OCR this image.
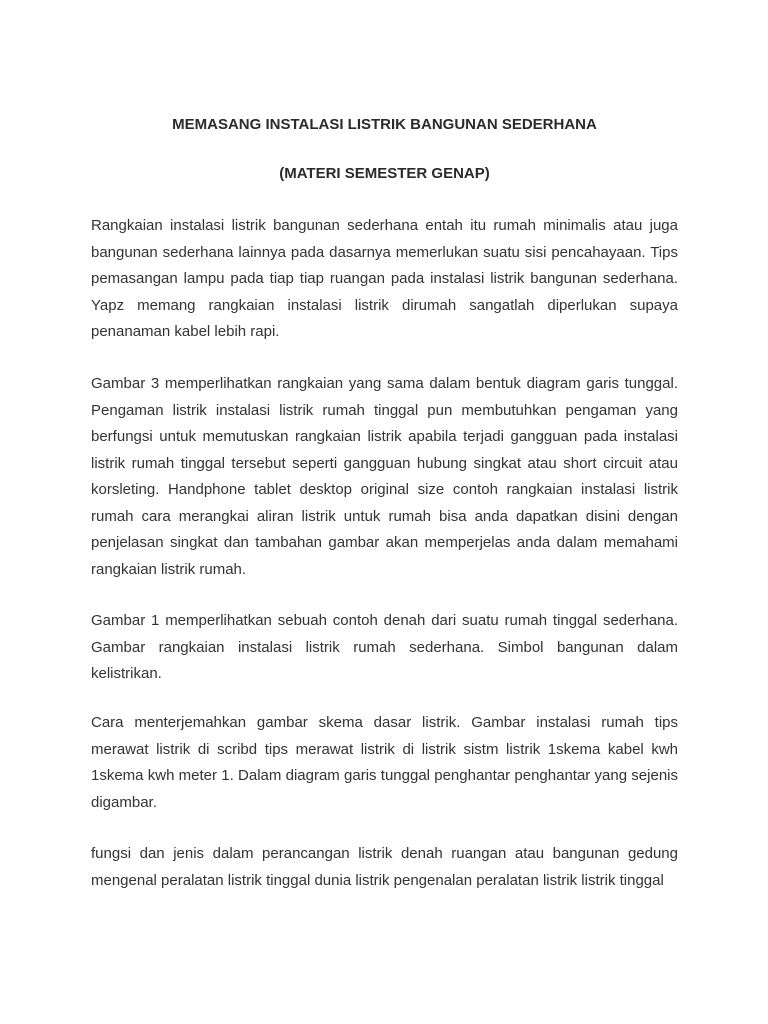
MEMASANG INSTALASI LISTRIK BANGUNAN SEDERHANA
(MATERI SEMESTER GENAP)

Rangkaian instalasi listrik bangunan sederhana entah itu rumah minimalis atau juga bangunan sederhana lainnya pada dasarnya memerlukan suatu sisi pencahayaan. Tips pemasangan lampu pada tiap tiap ruangan pada instalasi listrik bangunan sederhana. Yapz memang rangkaian instalasi listrik dirumah sangatlah diperlukan supaya penanaman kabel lebih rapi.

Gambar 3 memperlihatkan rangkaian yang sama dalam bentuk diagram garis tunggal. Pengaman listrik instalasi listrik rumah tinggal pun membutuhkan pengaman yang berfungsi untuk memutuskan rangkaian listrik apabila terjadi gangguan pada instalasi listrik rumah tinggal tersebut seperti gangguan hubung singkat atau short circuit atau korsleting. Handphone tablet desktop original size contoh rangkaian instalasi listrik rumah cara merangkai aliran listrik untuk rumah bisa anda dapatkan disini dengan penjelasan singkat dan tambahan gambar akan memperjelas anda dalam memahami rangkaian listrik rumah.

Gambar 1 memperlihatkan sebuah contoh denah dari suatu rumah tinggal sederhana. Gambar rangkaian instalasi listrik rumah sederhana. Simbol bangunan dalam kelistrikan.

Cara menterjemahkan gambar skema dasar listrik. Gambar instalasi rumah tips merawat listrik di scribd tips merawat listrik di listrik sistm listrik 1skema kabel kwh 1skema kwh meter 1. Dalam diagram garis tunggal penghantar penghantar yang sejenis digambar.

fungsi dan jenis dalam perancangan listrik denah ruangan atau bangunan gedung mengenal peralatan listrik tinggal dunia listrik pengenalan peralatan listrik listrik tinggal
